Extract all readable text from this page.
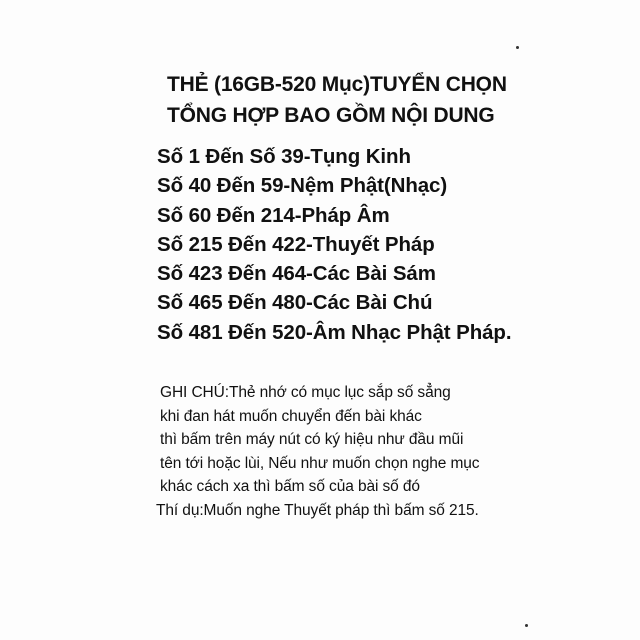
THẺ (16GB-520 Mục)TUYỂN CHỌN
TỔNG HỢP BAO GỒM NỘI DUNG
Số 1 Đến Số 39-Tụng Kinh
Số 40 Đến 59-Nệm Phật(Nhạc)
Số 60 Đến 214-Pháp Âm
Số 215 Đến 422-Thuyết Pháp
Số 423 Đến 464-Các Bài Sám
Số 465 Đến 480-Các Bài Chú
Số 481 Đến 520-Âm Nhạc Phật Pháp.
GHI CHÚ:Thẻ nhớ có mục lục sắp số sẳng
khi đan hát muốn chuyển đến bài khác
thì bấm trên máy nút có ký hiệu như đầu mũi
tên tới hoặc lùi, Nếu như muốn chọn nghe mục
khác cách xa thì bấm số của bài số đó
Thí dụ:Muốn nghe Thuyết pháp thì bấm số 215.
